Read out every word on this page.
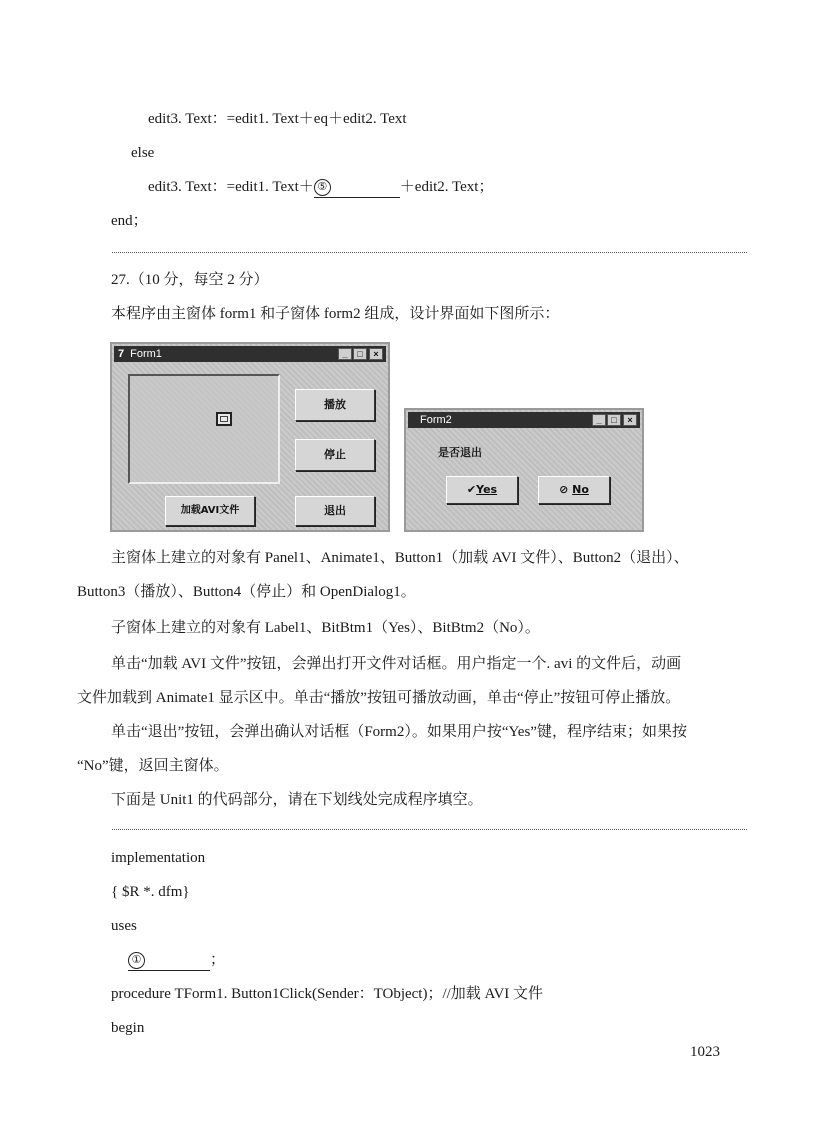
edit3. Text：=edit1. Text＋eq＋edit2. Text
else
edit3. Text：=edit1. Text＋ ⑤	＋edit2. Text；
end；
27.（10 分，每空 2 分）
本程序由主窗体 form1 和子窗体 form2 组成，设计界面如下图所示：
7 Form1	_	□	×
播放
停止
加载AVI文件	退出
Form2	_	□	×
是否退出
✔Yes	⊘ No
主窗体上建立的对象有 Panel1、Animate1、Button1（加载 AVI 文件）、Button2（退出）、
Button3（播放）、Button4（停止）和 OpenDialog1。
子窗体上建立的对象有 Label1、BitBtm1（Yes）、BitBtm2（No）。
单击“加载 AVI 文件”按钮，会弹出打开文件对话框。用户指定一个. avi 的文件后，动画
文件加载到 Animate1 显示区中。单击“播放”按钮可播放动画，单击“停止”按钮可停止播放。
单击“退出”按钮，会弹出确认对话框（Form2）。如果用户按“Yes”键，程序结束；如果按
“No”键，返回主窗体。
下面是 Unit1 的代码部分，请在下划线处完成程序填空。
implementation
{ $R *. dfm}
uses
①	；
procedure TForm1. Button1Click(Sender：TObject)；//加载 AVI 文件
begin
1023
